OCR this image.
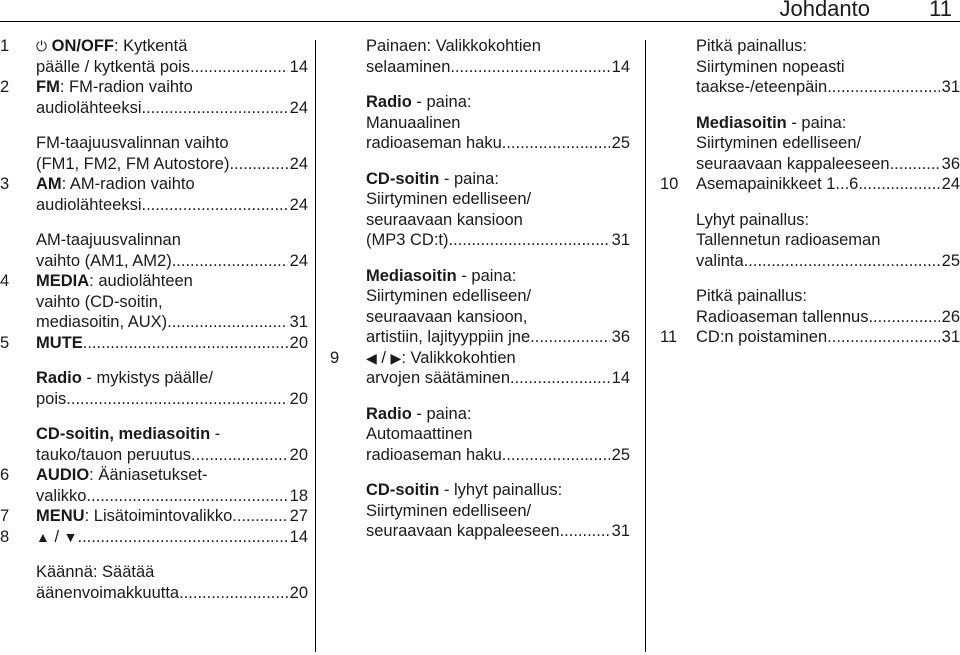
Johdanto	11
1	⏻ ON/OFF: Kytkentä
päälle / kytkentä pois .....	14
2	FM: FM-radion vaihto
audiolähteeksi .....	24
FM-taajuusvalinnan vaihto
(FM1, FM2, FM Autostore) .....	24
3	AM: AM-radion vaihto
audiolähteeksi .....	24
AM-taajuusvalinnan
vaihto (AM1, AM2) .....	24
4	MEDIA: audiolähteen
vaihto (CD-soitin,
mediasoitin, AUX) .....	31
5	MUTE .....	20
Radio - mykistys päälle/
pois .....	20
CD-soitin, mediasoitin -
tauko/tauon peruutus .....	20
6	AUDIO: Ääniasetukset-
valikko .....	18
7	MENU: Lisätoimintovalikko .....	27
8	▲ / ▼ .....	14
Käännä: Säätää
äänenvoimakkuutta .....	20
Painaen: Valikkokohtien
selaaminen .....	14
Radio - paina:
Manuaalinen
radioaseman haku .....	25
CD-soitin - paina:
Siirtyminen edelliseen/
seuraavaan kansioon
(MP3 CD:t) .....	31
Mediasoitin - paina:
Siirtyminen edelliseen/
seuraavaan kansioon,
artistiin, lajityyppiin jne. .....	36
9	◀ / ▶: Valikkokohtien
arvojen säätäminen .....	14
Radio - paina:
Automaattinen
radioaseman haku .....	25
CD-soitin - lyhyt painallus:
Siirtyminen edelliseen/
seuraavaan kappaleeseen .....	31
Pitkä painallus:
Siirtyminen nopeasti
taakse-/eteenpäin .....	31
Mediasoitin - paina:
Siirtyminen edelliseen/
seuraavaan kappaleeseen .....	36
10	Asemapainikkeet 1...6 .....	24
Lyhyt painallus:
Tallennetun radioaseman
valinta .....	25
Pitkä painallus:
Radioaseman tallennus .....	26
11	CD:n poistaminen .....	31
